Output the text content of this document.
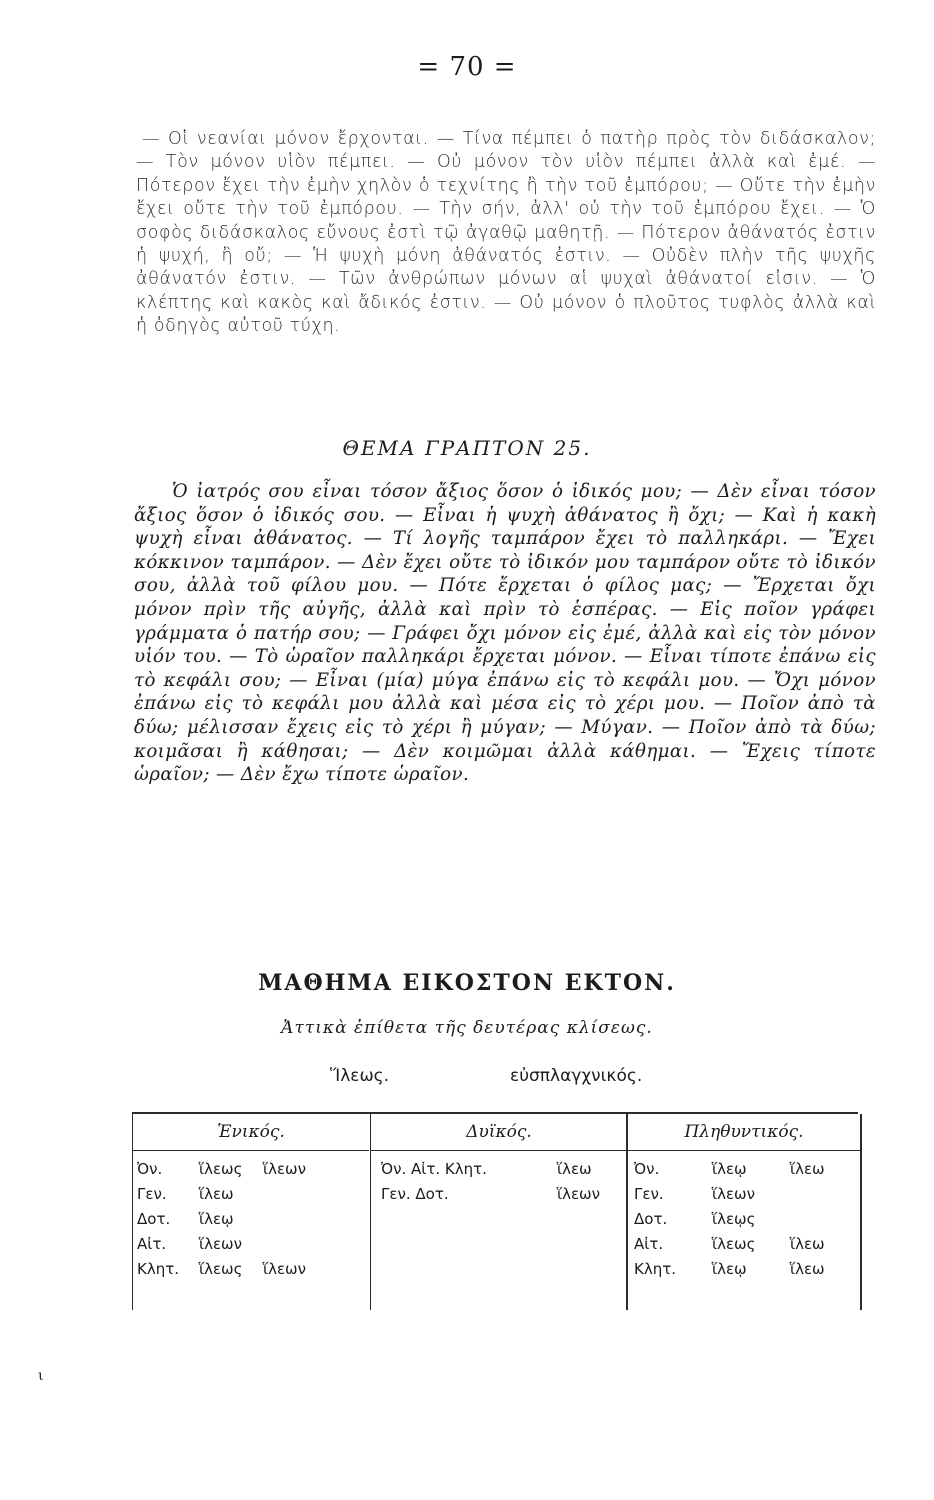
= 70 =

— Οἱ νεανίαι μόνον ἔρχονται. — Τίνα πέμπει ὁ πατὴρ πρὸς τὸν διδάσκαλον; — Τὸν μόνον υἱὸν πέμπει. — Οὐ μόνον τὸν υἱὸν πέμπει ἀλλὰ καὶ ἐμέ. — Πότερον ἔχει τὴν ἐμὴν χηλὸν ὁ τεχνίτης ἢ τὴν τοῦ ἐμπόρου; — Οὔτε τὴν ἐμὴν ἔχει οὔτε τὴν τοῦ ἐμπόρου. — Τὴν σήν, ἀλλ' οὐ τὴν τοῦ ἐμπόρου ἔχει. — Ὁ σοφὸς διδάσκαλος εὔνους ἐστὶ τῷ ἀγαθῷ μαθητῇ. — Πότερον ἀθάνατός ἐστιν ἡ ψυχή, ἢ οὔ; — Ἡ ψυχὴ μόνη ἀθάνατός ἐστιν. — Οὐδὲν πλὴν τῆς ψυχῆς ἀθάνατόν ἐστιν. — Τῶν ἀνθρώπων μόνων αἱ ψυχαὶ ἀθάνατοί εἰσιν. — Ὁ κλέπτης καὶ κακὸς καὶ ἄδικός ἐστιν. — Οὐ μόνον ὁ πλοῦτος τυφλὸς ἀλλὰ καὶ ἡ ὁδηγὸς αὐτοῦ τύχη.

ΘΕΜΑ ΓΡΑΠΤΟΝ 25.

Ὁ ἰατρός σου εἶναι τόσον ἄξιος ὅσον ὁ ἰδικός μου; — Δὲν εἶναι τόσον ἄξιος ὅσον ὁ ἰδικός σου. — Εἶναι ἡ ψυχὴ ἀθάνατος ἢ ὄχι; — Καὶ ἡ κακὴ ψυχὴ εἶναι ἀθάνατος. — Τί λογῆς ταμπάρον ἔχει τὸ παλληκάρι. — Ἔχει κόκκινον ταμπάρον. — Δὲν ἔχει οὔτε τὸ ἰδικόν μου ταμπάρον οὔτε τὸ ἰδικόν σου, ἀλλὰ τοῦ φίλου μου. — Πότε ἔρχεται ὁ φίλος μας; — Ἔρχεται ὄχι μόνον πρὶν τῆς αὐγῆς, ἀλλὰ καὶ πρὶν τὸ ἑσπέρας. — Εἰς ποῖον γράφει γράμματα ὁ πατήρ σου; — Γράφει ὄχι μόνον εἰς ἐμέ, ἀλλὰ καὶ εἰς τὸν μόνον υἱόν του. — Τὸ ὡραῖον παλληκάρι ἔρχεται μόνον. — Εἶναι τίποτε ἐπάνω εἰς τὸ κεφάλι σου; — Εἶναι (μία) μύγα ἐπάνω εἰς τὸ κεφάλι μου. — Ὄχι μόνον ἐπάνω εἰς τὸ κεφάλι μου ἀλλὰ καὶ μέσα εἰς τὸ χέρι μου. — Ποῖον ἀπὸ τὰ δύω; μέλισσαν ἔχεις εἰς τὸ χέρι ἢ μύγαν; — Μύγαν. — Ποῖον ἀπὸ τὰ δύω; κοιμᾶσαι ἢ κάθησαι; — Δὲν κοιμῶμαι ἀλλὰ κάθημαι. — Ἔχεις τίποτε ὡραῖον; — Δὲν ἔχω τίποτε ὡραῖον.

ΜΑΘΗΜΑ ΕΙΚΟΣΤΟΝ ΕΚΤΟΝ.
Ἀττικὰ ἐπίθετα τῆς δευτέρας κλίσεως.
Ἵλεως.	εὐσπλαγχνικός.
Ἑνικός.
Ὀν. ἵλεως ἵλεων
Γεν. ἵλεω
Δοτ. ἵλεῳ
Αἰτ. ἵλεων
Κλητ. ἵλεως ἵλεων
Δυϊκός.
Ὀν. Αἰτ. Κλητ.	ἵλεω
Γεν. Δοτ.	ἵλεων
Πληθυντικός.
Ὀν.	ἵλεῳ	ἵλεω
Γεν.	ἵλεων
Δοτ.	ἵλεῳς
Αἰτ.	ἵλεως ἵλεω
Κλητ. ἵλεῳ	ἵλεω
ι
